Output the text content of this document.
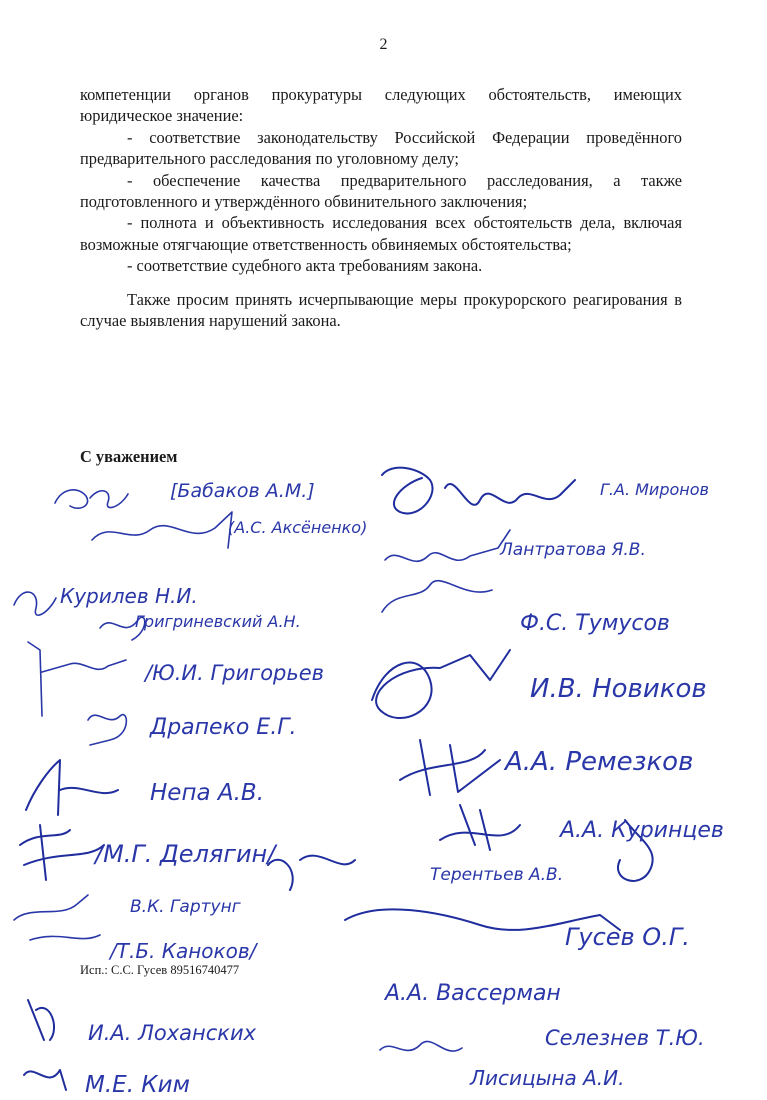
2

компетенции органов прокуратуры следующих обстоятельств, имеющих юридическое значение:

- соответствие законодательству Российской Федерации проведённого предварительного расследования по уголовному делу;

- обеспечение качества предварительного расследования, а также подготовленного и утверждённого обвинительного заключения;

- полнота и объективность исследования всех обстоятельств дела, включая возможные отягчающие ответственность обвиняемых обстоятельства;

- соответствие судебного акта требованиям закона.

Также просим принять исчерпывающие меры прокурорского реагирования в случае выявления нарушений закона.

С уважением
[Бабаков А.М.]
(А.С. Аксёненко)
Курилев Н.И.
Григриневский А.Н.
/Ю.И. Григорьев
Драпеко Е.Г.
Непа А.В.
/М.Г. Делягин/
В.К. Гартунг
/Т.Б. Каноков/
И.А. Лоханских
М.Е. Ким
Г.А. Миронов
Лантратова Я.В.
Ф.С. Тумусов
И.В. Новиков
А.А. Ремезков
А.А. Куринцев
Терентьев А.В.
Гусев О.Г.
А.А. Вассерман
Селезнев Т.Ю.
Лисицына А.И.
Исп.: С.С. Гусев 89516740477
